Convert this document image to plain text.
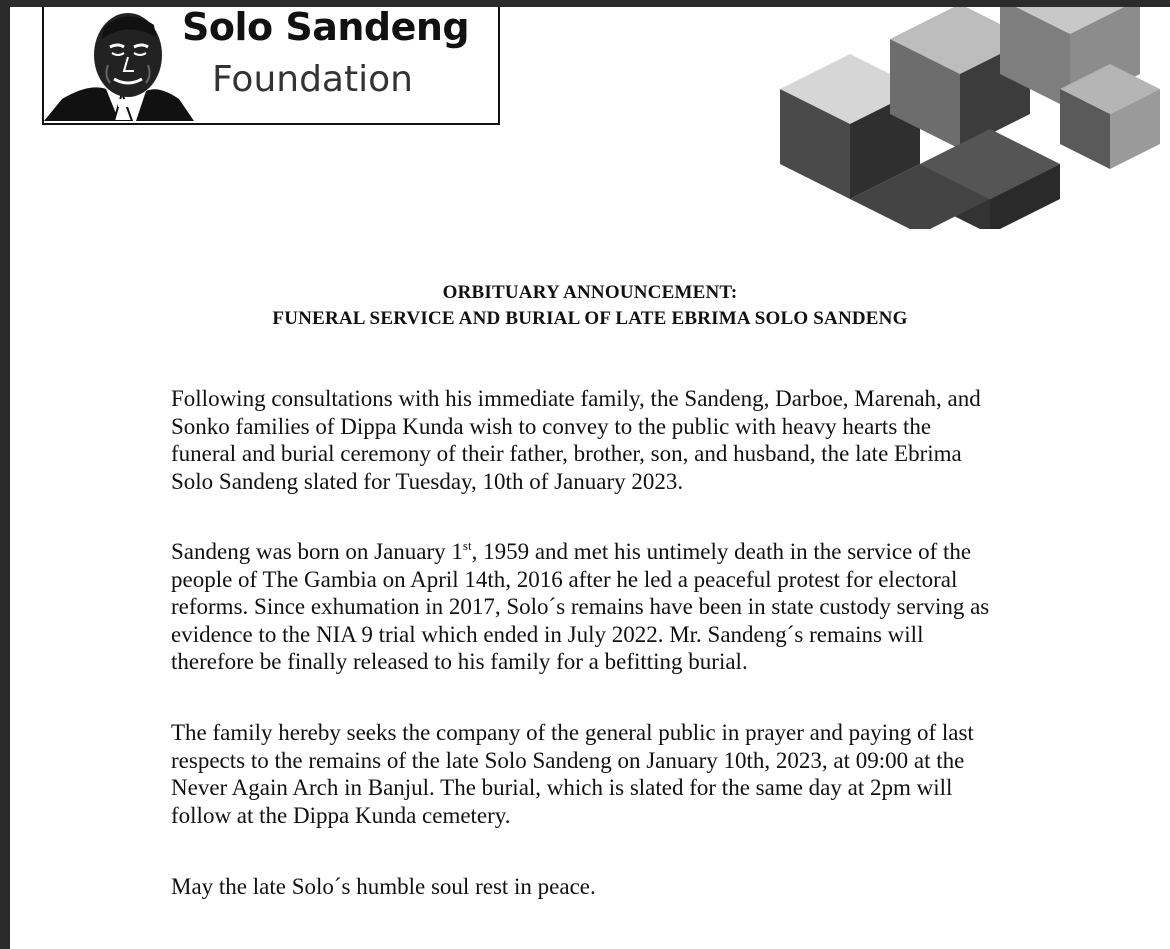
Solo Sandeng
Foundation
ORBITUARY ANNOUNCEMENT:
FUNERAL SERVICE AND BURIAL OF LATE EBRIMA SOLO SANDENG
Following consultations with his immediate family, the Sandeng, Darboe, Marenah, and
Sonko families of Dippa Kunda wish to convey to the public with heavy hearts the
funeral and burial ceremony of their father, brother, son, and husband, the late Ebrima
Solo Sandeng slated for Tuesday, 10th of January 2023.
Sandeng was born on January 1st, 1959 and met his untimely death in the service of the
people of The Gambia on April 14th, 2016 after he led a peaceful protest for electoral
reforms. Since exhumation in 2017, Solo´s remains have been in state custody serving as
evidence to the NIA 9 trial which ended in July 2022. Mr. Sandeng´s remains will
therefore be finally released to his family for a befitting burial.
The family hereby seeks the company of the general public in prayer and paying of last
respects to the remains of the late Solo Sandeng on January 10th, 2023, at 09:00 at the
Never Again Arch in Banjul. The burial, which is slated for the same day at 2pm will
follow at the Dippa Kunda cemetery.
May the late Solo´s humble soul rest in peace.
